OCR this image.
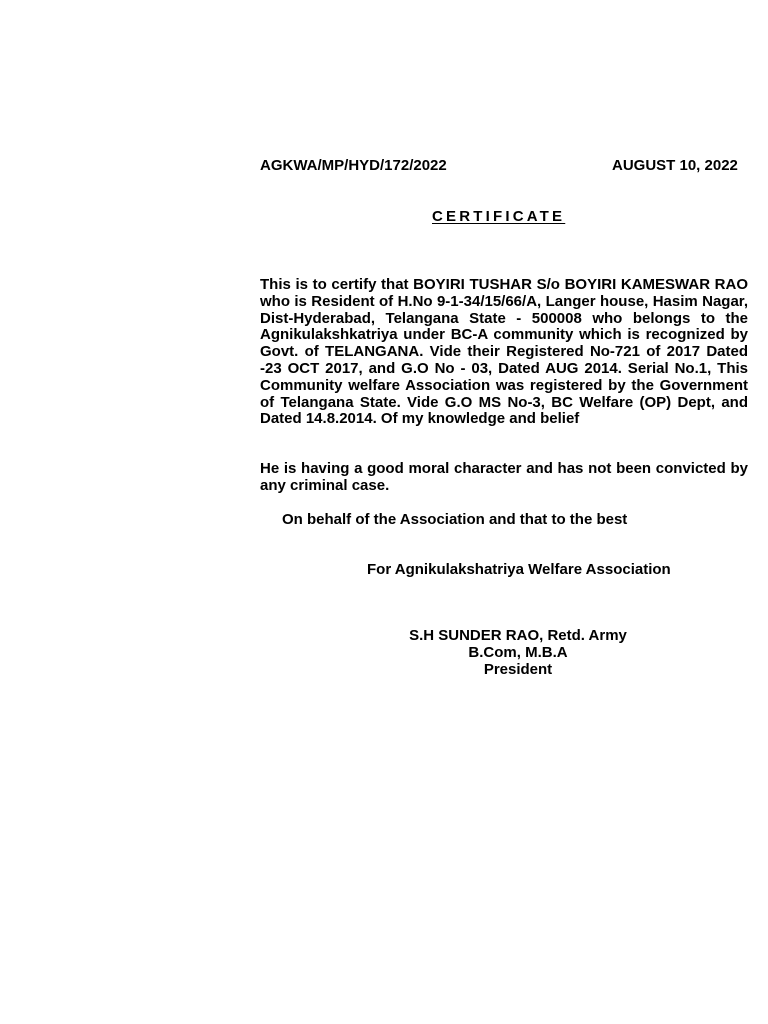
AGKWA/MP/HYD/172/2022	AUGUST 10, 2022
CERTIFICATE

This is to certify that BOYIRI TUSHAR S/o BOYIRI KAMESWAR RAO who is Resident of H.No 9-1-34/15/66/A, Langer house, Hasim Nagar, Dist-Hyderabad, Telangana State - 500008 who belongs to the Agnikulakshkatriya under BC-A community which is recognized by Govt. of TELANGANA. Vide their Registered No-721 of 2017 Dated -23 OCT 2017, and G.O No - 03, Dated AUG 2014. Serial No.1, This Community welfare Association was registered by the Government of Telangana State. Vide G.O MS No-3, BC Welfare (OP) Dept, and Dated 14.8.2014. Of my knowledge and belief

He is having a good moral character and has not been convicted by any criminal case.

On behalf of the Association and that to the best
For Agnikulakshatriya Welfare Association
S.H SUNDER RAO, Retd. Army
B.Com, M.B.A
President
